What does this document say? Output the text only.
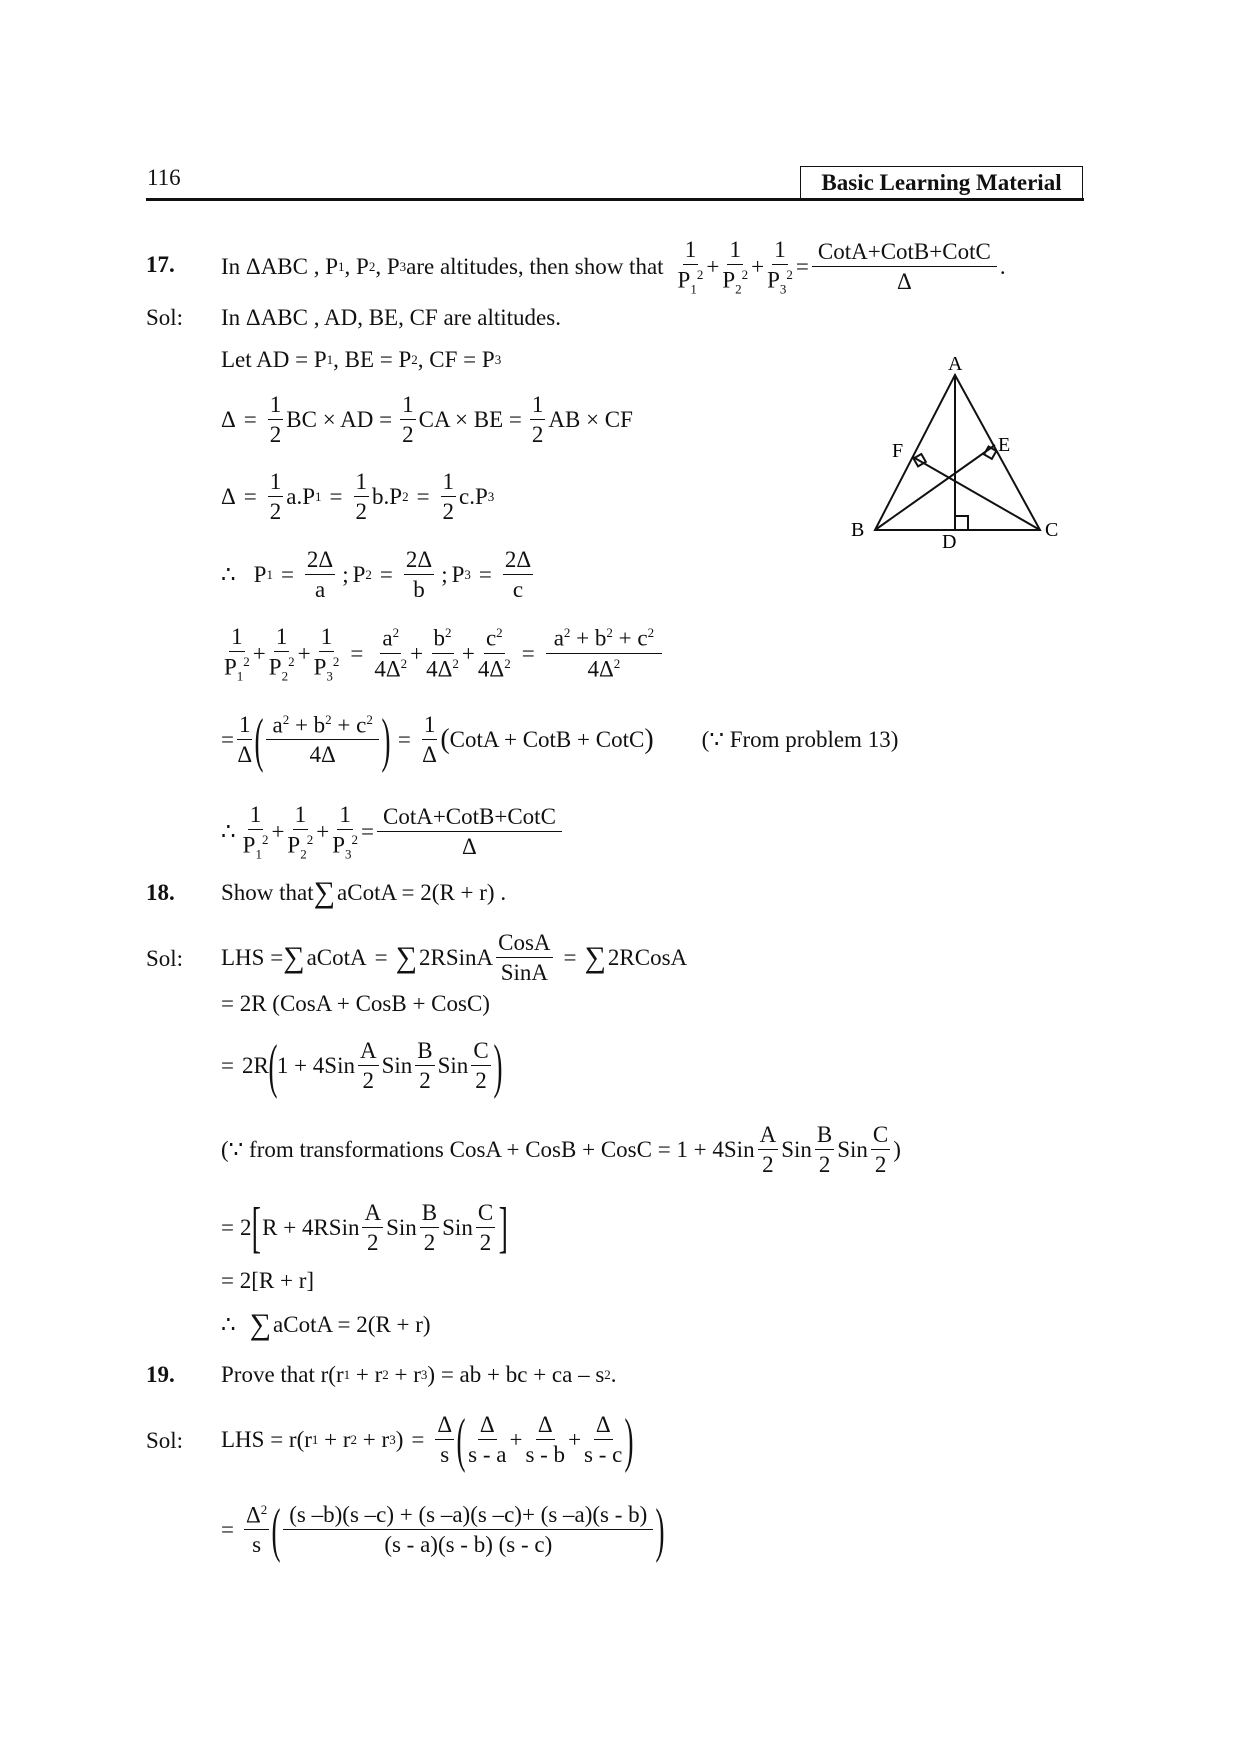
116	Basic Learning Material
17. In ΔABC , P 1 , P 2 , P 3 are altitudes, then show that
1
$P_1^2$ +
1
$P_2^2$ +
1
$P_3^2$ =
CotA+CotB+CotC
Δ
.
Sol: In ΔABC , AD, BE, CF are altitudes.
Let AD = P 1 , BE = P 2 , CF = P 3
$\Delta = \frac{1}{2}$ BC × AD = $\frac{1}{2}$ CA × BE = $\frac{1}{2}$ AB × CF
$\Delta = \frac{1}{2} a.P$ $1 = \frac{1}{2} b.P$ $2 = \frac{1}{2} c.P$ 3
∴ P $1 = \frac{2\Delta}{a}$ ; P $2 = \frac{2\Delta}{b}$ ; P $3 = \frac{2\Delta}{c}$
1
$P_1^2$ +
1
$P_2^2 + \frac{1}{P_3^2} = \frac{a^2}{4\Delta^2}$ +
$b^2$
$4\Delta^2 + \frac{c^2}{4\Delta^2} = \frac{a^2 + b^2 + c^2}{4\Delta^2}$
= $\frac{1}{\Delta}$ ( $a^2 + b^2 + c^2$
4Δ ) = $\frac{1}{\Delta}$ ( CotA + CotB + CotC ) (∵ From problem 13)
∴
1
$P_1^2$ +
1
$P_2^2$ +
1
$P_3^2$ =
CotA+CotB+CotC
Δ
A
B	C
D
E
F
18. Show that ∑ aCotA = 2(R + r) .
Sol: LHS = ∑ aCotA = ∑ 2RSinA
CosA
SinA
= ∑ 2RCosA
= 2R (CosA + CosB + CosC)
= 2R ( 1 + 4Sin
A
2
Sin
B
2
Sin
C
2 )
(∵ from transformations CosA + CosB + CosC = 1 + 4Sin
A
2
Sin
B
2
Sin
C
2
)
= 2 [ R + 4RSin
A
2
Sin
B
2
Sin
C
2 ]
= 2[R + r]
∴ ∑ aCotA = 2(R + r)
19. Prove that r(r 1 + r 2 + r 3 ) = ab + bc + ca – s 2 .
Sol: LHS = r(r 1 + r 2 + r 3 ) = $\frac{\Delta}{s}$ ( Δ
s - a
+
Δ
s - b
+
Δ
s - c )
= $\frac{\Delta^2}{s}$ ( (s –b)(s –c) + (s –a)(s –c)+ (s –a)(s - b)
(s - a)(s - b) (s - c) )
